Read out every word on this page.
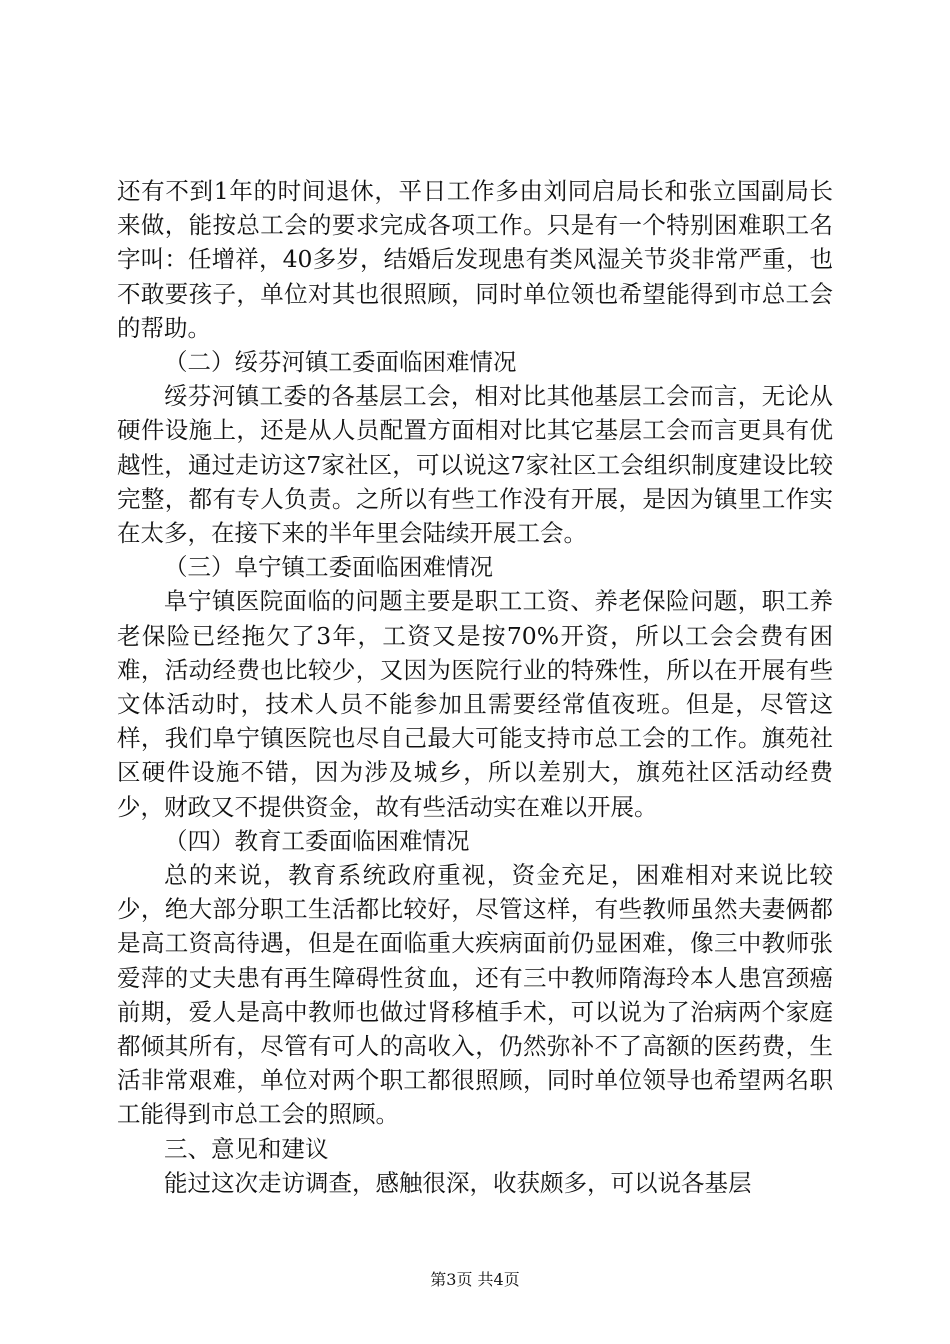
还有不到1年的时间退休，平日工作多由刘同启局长和张立国副局长来做，能按总工会的要求完成各项工作。只是有一个特别困难职工名字叫：任增祥，40多岁，结婚后发现患有类风湿关节炎非常严重，也不敢要孩子，单位对其也很照顾，同时单位领也希望能得到市总工会的帮助。

（二）绥芬河镇工委面临困难情况

绥芬河镇工委的各基层工会，相对比其他基层工会而言，无论从硬件设施上，还是从人员配置方面相对比其它基层工会而言更具有优越性，通过走访这7家社区，可以说这7家社区工会组织制度建设比较完整，都有专人负责。之所以有些工作没有开展，是因为镇里工作实在太多，在接下来的半年里会陆续开展工会。

（三）阜宁镇工委面临困难情况

阜宁镇医院面临的问题主要是职工工资、养老保险问题，职工养老保险已经拖欠了3年，工资又是按70%开资，所以工会会费有困难，活动经费也比较少，又因为医院行业的特殊性，所以在开展有些文体活动时，技术人员不能参加且需要经常值夜班。但是，尽管这样，我们阜宁镇医院也尽自己最大可能支持市总工会的工作。旗苑社区硬件设施不错，因为涉及城乡，所以差别大，旗苑社区活动经费少，财政又不提供资金，故有些活动实在难以开展。

（四）教育工委面临困难情况

总的来说，教育系统政府重视，资金充足，困难相对来说比较少，绝大部分职工生活都比较好，尽管这样，有些教师虽然夫妻俩都是高工资高待遇，但是在面临重大疾病面前仍显困难，像三中教师张爱萍的丈夫患有再生障碍性贫血，还有三中教师隋海玲本人患宫颈癌前期，爱人是高中教师也做过肾移植手术，可以说为了治病两个家庭都倾其所有，尽管有可人的高收入，仍然弥补不了高额的医药费，生活非常艰难，单位对两个职工都很照顾，同时单位领导也希望两名职工能得到市总工会的照顾。

三、意见和建议

能过这次走访调查，感触很深，收获颇多，可以说各基层

第3页 共4页
